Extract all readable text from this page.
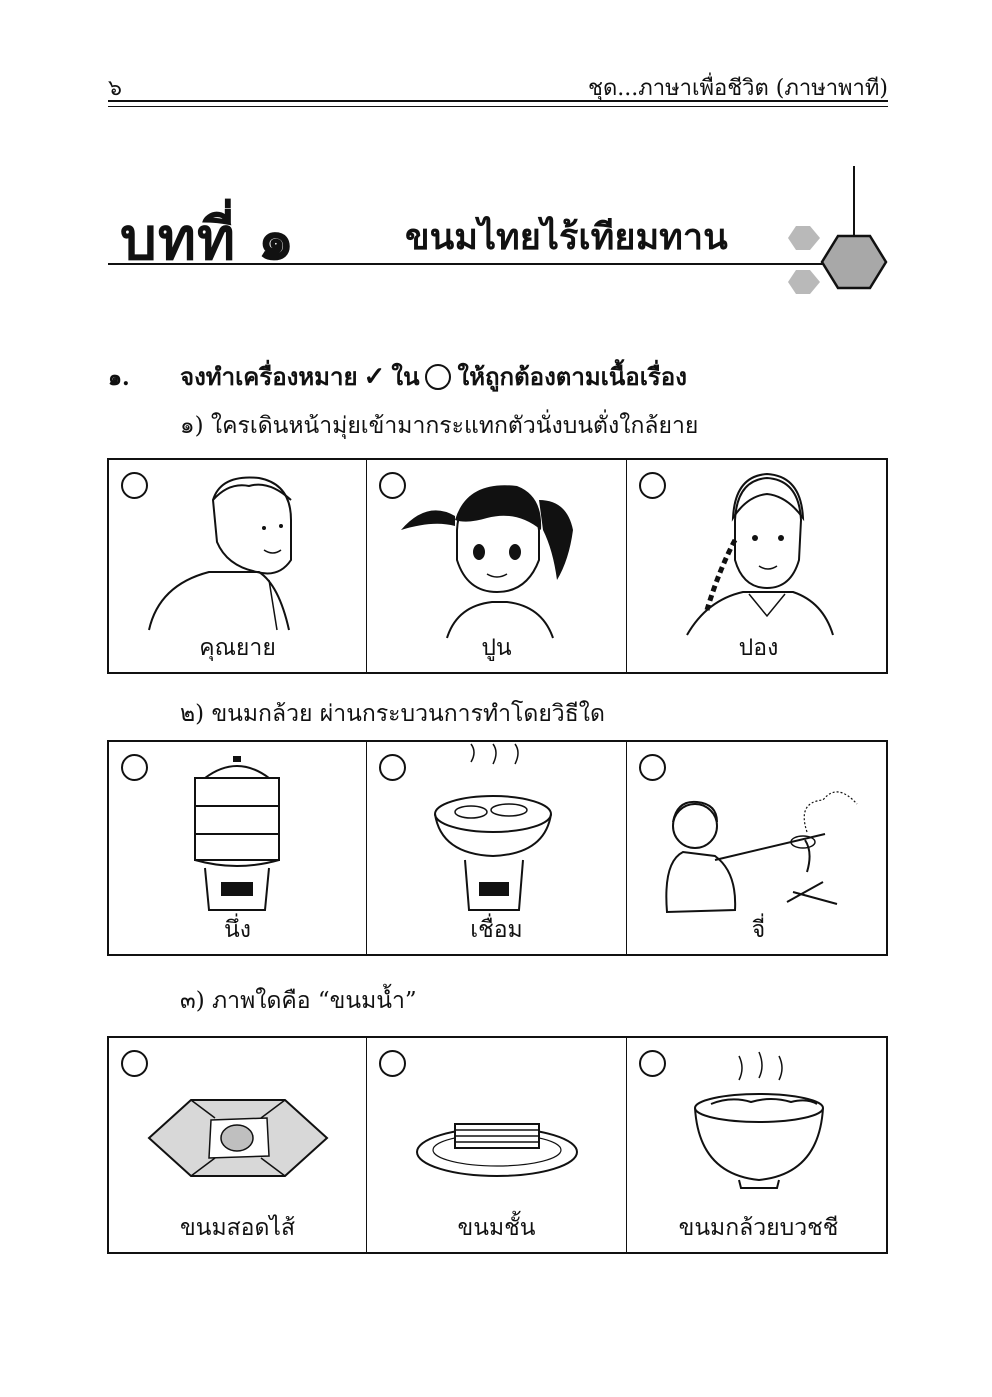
๖	ชุด...ภาษาเพื่อชีวิต (ภาษาพาที)
บทที่ ๑	ขนมไทยไร้เทียมทาน
๑. จงทำเครื่องหมาย ✓ ใน ให้ถูกต้องตามเนื้อเรื่อง
๑) ใครเดินหน้ามุ่ยเข้ามากระแทกตัวนั่งบนตั่งใกล้ยาย
คุณยาย	ปูน	ปอง
๒) ขนมกล้วย ผ่านกระบวนการทำโดยวิธีใด
นึ่ง	เชื่อม	จี่
๓) ภาพใดคือ “ขนมน้ำ”
ขนมสอดไส้	ขนมชั้น	ขนมกล้วยบวชชี
